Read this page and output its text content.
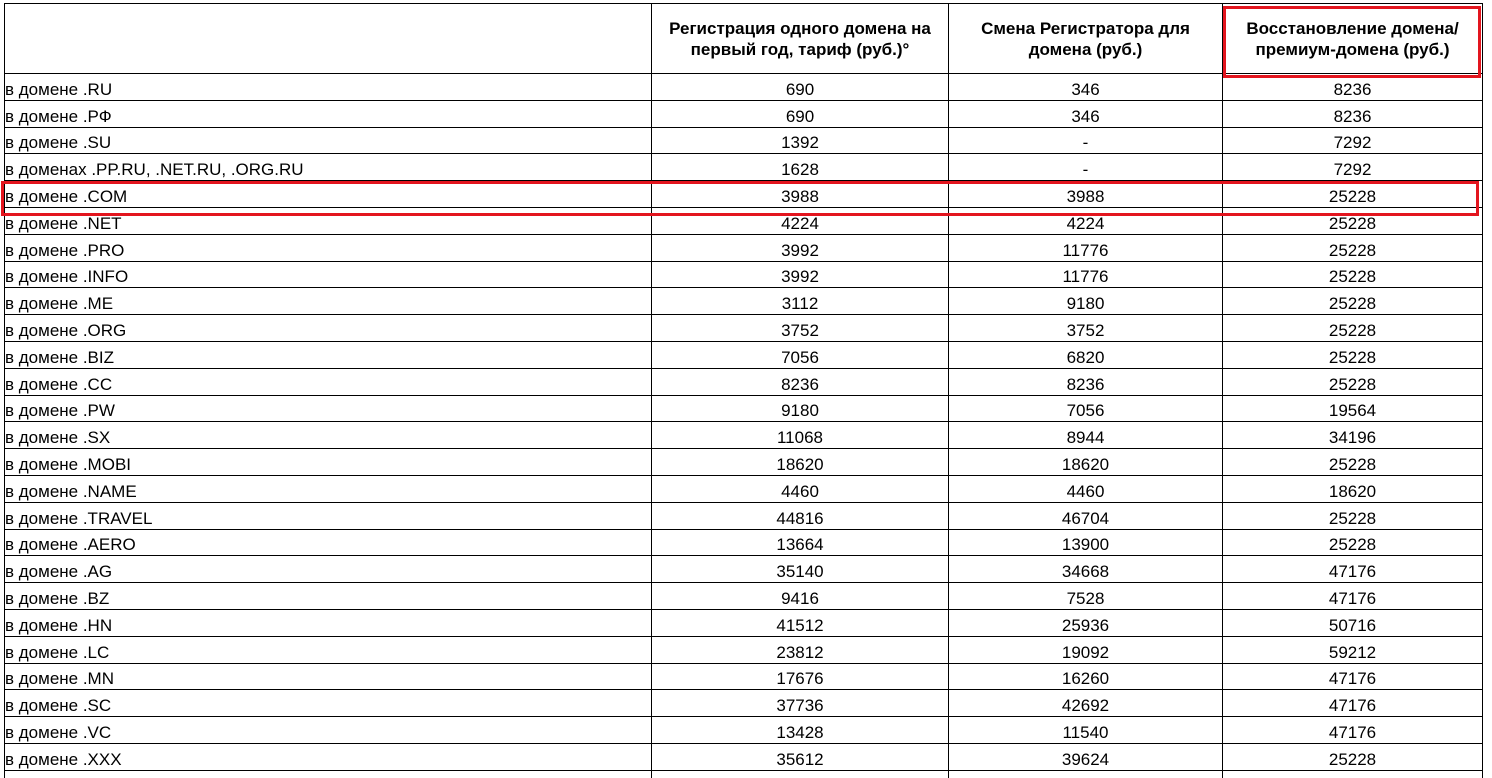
	Регистрация одного домена на первый год, тариф (руб.)°	Смена Регистратора для домена (руб.)	Восстановление домена/премиум-домена (руб.)
в домене .RU	690	346	8236
в домене .РФ	690	346	8236
в домене .SU	1392	-	7292
в доменах .PP.RU, .NET.RU, .ORG.RU	1628	-	7292
в домене .COM	3988	3988	25228
в домене .NET	4224	4224	25228
в домене .PRO	3992	11776	25228
в домене .INFO	3992	11776	25228
в домене .ME	3112	9180	25228
в домене .ORG	3752	3752	25228
в домене .BIZ	7056	6820	25228
в домене .CC	8236	8236	25228
в домене .PW	9180	7056	19564
в домене .SX	11068	8944	34196
в домене .MOBI	18620	18620	25228
в домене .NAME	4460	4460	18620
в домене .TRAVEL	44816	46704	25228
в домене .AERO	13664	13900	25228
в домене .AG	35140	34668	47176
в домене .BZ	9416	7528	47176
в домене .HN	41512	25936	50716
в домене .LC	23812	19092	59212
в домене .MN	17676	16260	47176
в домене .SC	37736	42692	47176
в домене .VC	13428	11540	47176
в домене .XXX	35612	39624	25228
